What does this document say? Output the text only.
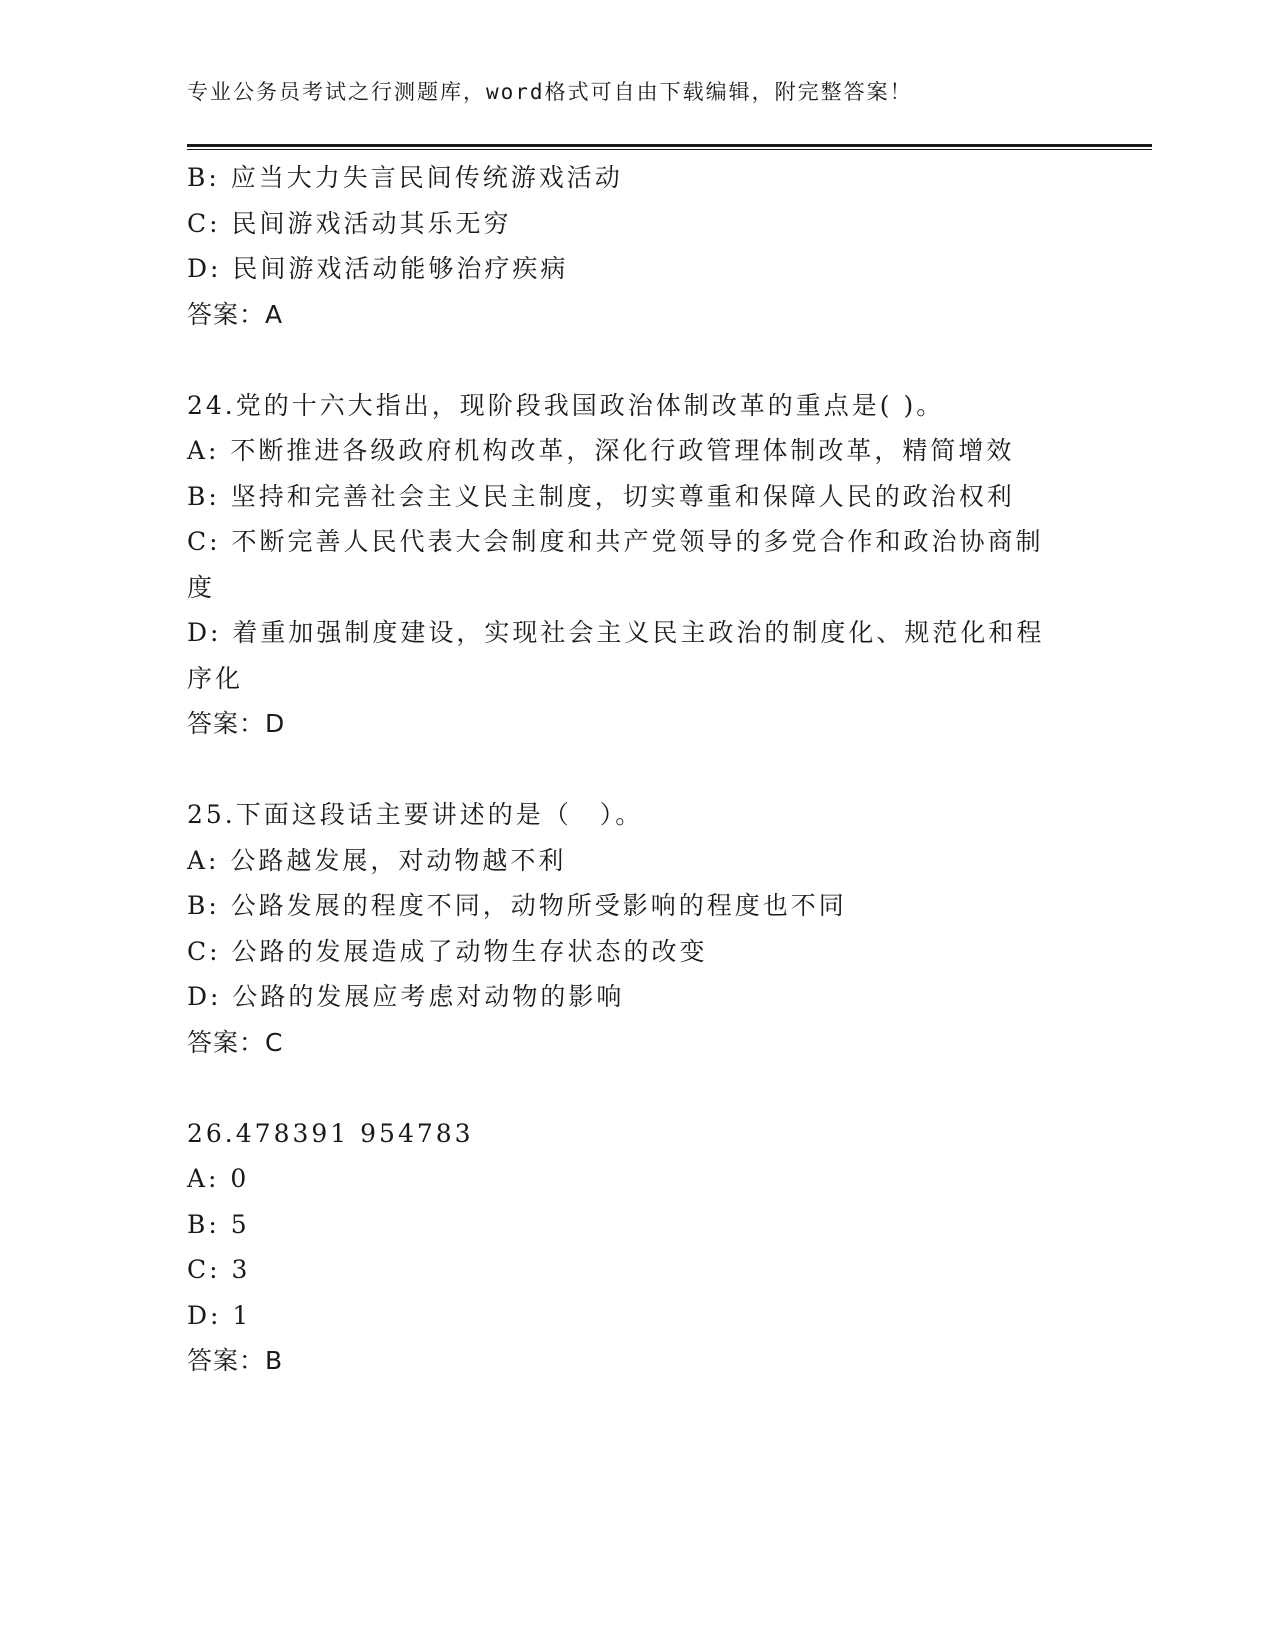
专业公务员考试之行测题库，word格式可自由下载编辑，附完整答案！
B: 应当大力失言民间传统游戏活动
C: 民间游戏活动其乐无穷
D: 民间游戏活动能够治疗疾病
答案：A
24.党的十六大指出，现阶段我国政治体制改革的重点是( )。
A: 不断推进各级政府机构改革，深化行政管理体制改革，精简增效
B: 坚持和完善社会主义民主制度，切实尊重和保障人民的政治权利
C: 不断完善人民代表大会制度和共产党领导的多党合作和政治协商制度
D: 着重加强制度建设，实现社会主义民主政治的制度化、规范化和程序化
答案：D
25.下面这段话主要讲述的是（　）。
A: 公路越发展，对动物越不利
B: 公路发展的程度不同，动物所受影响的程度也不同
C: 公路的发展造成了动物生存状态的改变
D: 公路的发展应考虑对动物的影响
答案：C
26.478391 954783
A: 0
B: 5
C: 3
D: 1
答案：B
